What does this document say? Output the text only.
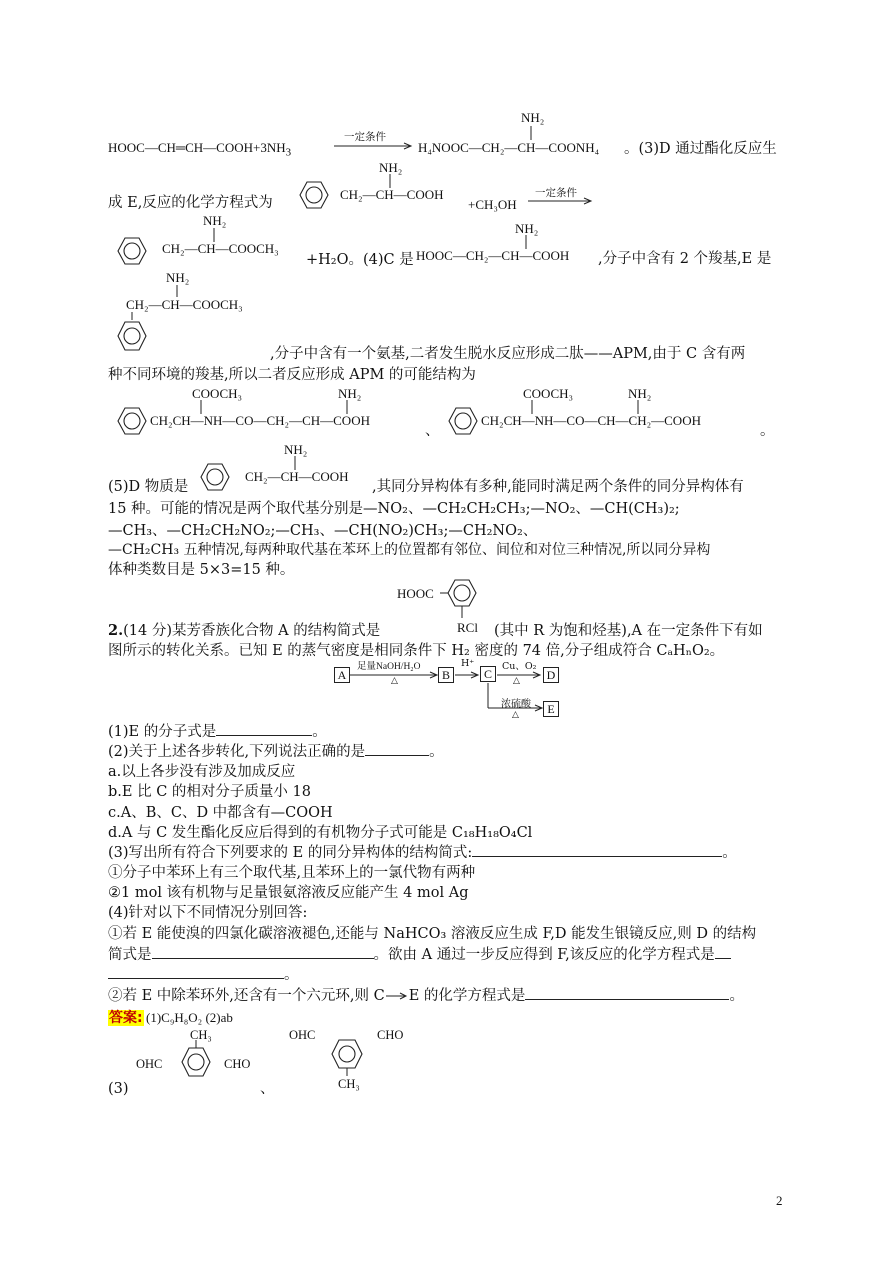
$HOOC—CH═CH—COOH+3NH_3$
一定条件
NH₂
H₄NOOC—CH₂—CH—COONH₄ 。(3)D 通过酯化反应生
成 E,反应的化学方程式为
NH₂
CH₂—CH—COOH
+CH₃OH
一定条件
NH₂
CH₂—CH—COOCH₃
+H₂O。(4)C 是
NH₂
HOOC—CH₂—CH—COOH ,分子中含有 2 个羧基,E 是
NH₂
CH₂—CH—COOCH₃
,分子中含有一个氨基,二者发生脱水反应形成二肽——APM,由于 C 含有两
种不同环境的羧基,所以二者反应形成 APM 的可能结构为
COOCH₃	NH₂
CH₂CH—NH—CO—CH₂—CH—COOH
、
COOCH₃	NH₂
CH₂CH—NH—CO—CH—CH₂—COOH
。
(5)D 物质是
NH₂
CH₂—CH—COOH
,其同分异构体有多种,能同时满足两个条件的同分异构体有
15 种。可能的情况是两个取代基分别是—NO₂、—CH₂CH₂CH₃;—NO₂、—CH(CH₃)₂;
—CH₃、—CH₂CH₂NO₂;—CH₃、—CH(NO₂)CH₃;—CH₂NO₂、
—CH₂CH₃ 五种情况,每两种取代基在苯环上的位置都有邻位、间位和对位三种情况,所以同分异构
体种类数目是 5×3=15 种。
HOOC
RCl
2.(14 分)某芳香族化合物 A 的结构简式是	(其中 R 为饱和烃基),A 在一定条件下有如
图所示的转化关系。已知 E 的蒸气密度是相同条件下 H₂ 密度的 74 倍,分子组成符合 CₐHₙO₂。
A
足量NaOH/H₂O
△	B
H⁺
C
Cu、O₂
△	D
浓硫酸
△	E
(1)E 的分子式是	。
(2)关于上述各步转化,下列说法正确的是	。
a.以上各步没有涉及加成反应
b.E 比 C 的相对分子质量小 18
c.A、B、C、D 中都含有—COOH
d.A 与 C 发生酯化反应后得到的有机物分子式可能是 C₁₈H₁₈O₄Cl
(3)写出所有符合下列要求的 E 的同分异构体的结构简式:	。
①分子中苯环上有三个取代基,且苯环上的一氯代物有两种
②1 mol 该有机物与足量银氨溶液反应能产生 4 mol Ag
(4)针对以下不同情况分别回答:
①若 E 能使溴的四氯化碳溶液褪色,还能与 NaHCO₃ 溶液反应生成 F,D 能发生银镜反应,则 D 的结构
简式是	。欲由 A 通过一步反应得到 F,该反应的化学方程式是
。
②若 E 中除苯环外,还含有一个六元环,则 C E 的化学方程式是	。
答案: (1)C₉H₈O₂ (2)ab
CH₃
OHC	CHO
OHC	CHO
CH₃
(3)	、
2
